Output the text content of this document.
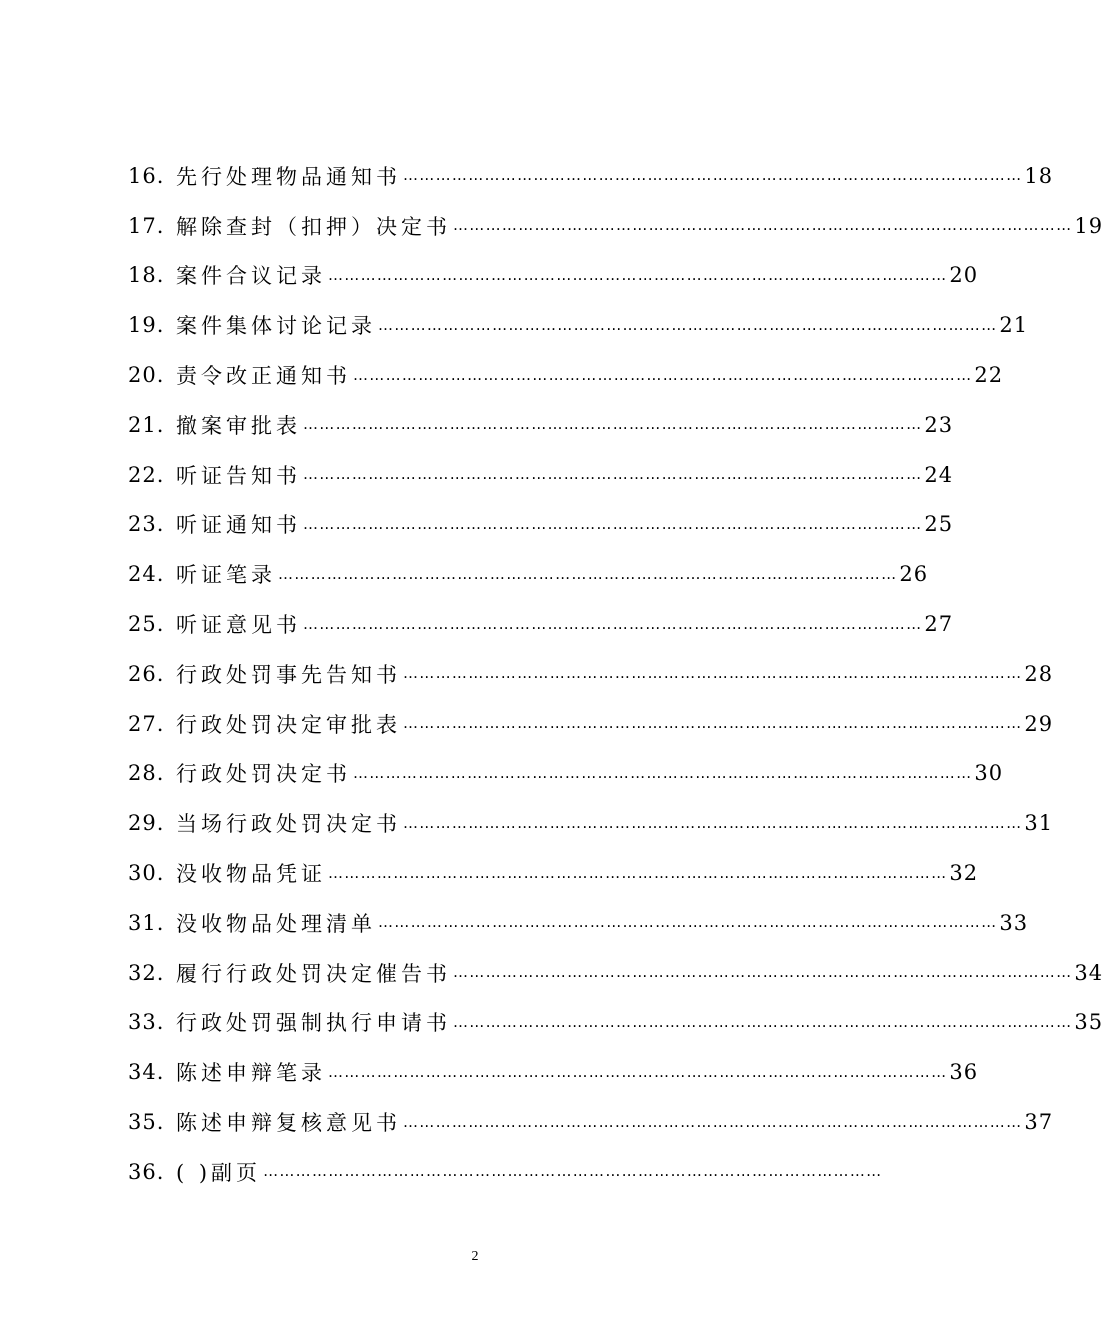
16. 先行处理物品通知书 …………………………………………………………………………………………………… 18
17. 解除查封（扣押）决定书 …………………………………………………………………………………………………… 19
18. 案件合议记录 …………………………………………………………………………………………………… 20
19. 案件集体讨论记录 …………………………………………………………………………………………………… 21
20. 责令改正通知书 …………………………………………………………………………………………………… 22
21. 撤案审批表 …………………………………………………………………………………………………… 23
22. 听证告知书 …………………………………………………………………………………………………… 24
23. 听证通知书 …………………………………………………………………………………………………… 25
24. 听证笔录 …………………………………………………………………………………………………… 26
25. 听证意见书 …………………………………………………………………………………………………… 27
26. 行政处罚事先告知书 …………………………………………………………………………………………………… 28
27. 行政处罚决定审批表 …………………………………………………………………………………………………… 29
28. 行政处罚决定书 …………………………………………………………………………………………………… 30
29. 当场行政处罚决定书 …………………………………………………………………………………………………… 31
30. 没收物品凭证 …………………………………………………………………………………………………… 32
31. 没收物品处理清单 …………………………………………………………………………………………………… 33
32. 履行行政处罚决定催告书 …………………………………………………………………………………………………… 34
33. 行政处罚强制执行申请书 …………………………………………………………………………………………………… 35
34. 陈述申辩笔录 …………………………………………………………………………………………………… 36
35. 陈述申辩复核意见书 …………………………………………………………………………………………………… 37
36. ( )副页 ……………………………………………………………………………………………………
2
